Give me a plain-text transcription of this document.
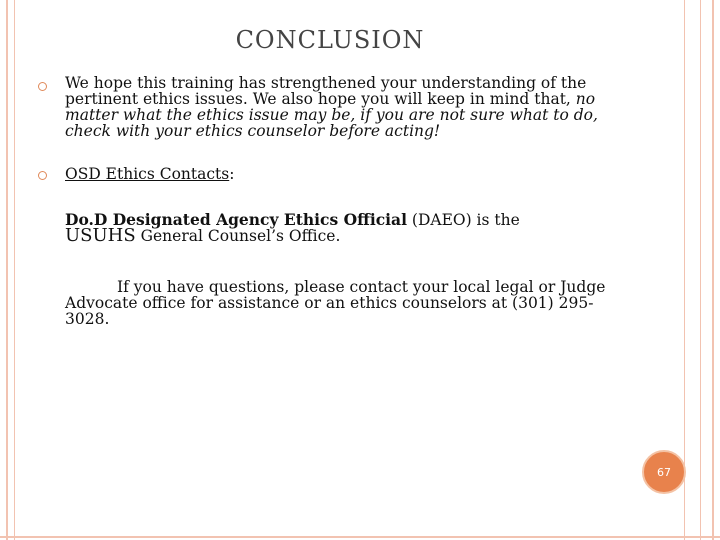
CONCLUSION
We hope this training has strengthened your understanding of the pertinent ethics issues. We also hope you will keep in mind that, no matter what the ethics issue may be, if you are not sure what to do, check with your ethics counselor before acting!
OSD Ethics Contacts:
Do.D Designated Agency Ethics Official (DAEO) is the
USUHS General Counsel’s Office.
If you have questions, please contact your local legal or Judge Advocate office for assistance or an ethics counselors at (301) 295-3028.
67
